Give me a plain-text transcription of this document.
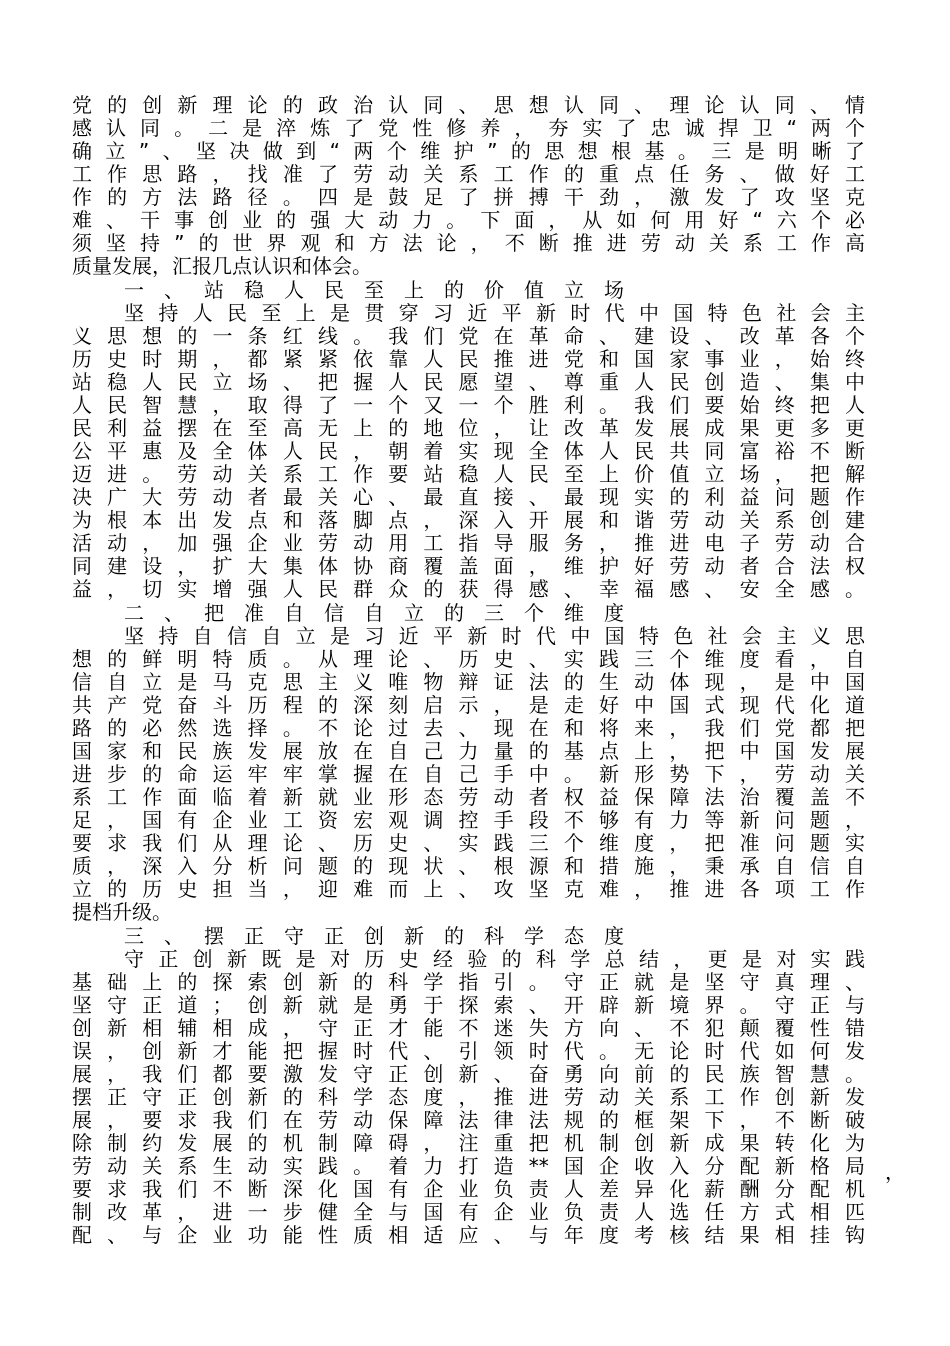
党的创新理论的政治认同、思想认同、理论认同、情
感认同。二是淬炼了党性修养，夯实了忠诚捍卫“两个
确立”、坚决做到“两个维护”的思想根基。三是明晰了
工作思路，找准了劳动关系工作的重点任务、做好工
作的方法路径。四是鼓足了拼搏干劲，激发了攻坚克
难、干事创业的强大动力。下面，从如何用好“六个必
须坚持”的世界观和方法论，不断推进劳动关系工作高
质量发展，汇报几点认识和体会。
一、站稳人民至上的价值立场
坚持人民至上是贯穿习近平新时代中国特色社会主
义思想的一条红线。我们党在革命、建设、改革各个
历史时期，都紧紧依靠人民推进党和国家事业，始终
站稳人民立场、把握人民愿望、尊重人民创造、集中
人民智慧，取得了一个又一个胜利。我们要始终把人
民利益摆在至高无上的地位，让改革发展成果更多更
公平惠及全体人民，朝着实现全体人民共同富裕不断
迈进。劳动关系工作要站稳人民至上价值立场，把解
决广大劳动者最关心、最直接、最现实的利益问题作
为根本出发点和落脚点，深入开展和谐劳动关系创建
活动，加强企业劳动用工指导服务，推进电子劳动合
同建设，扩大集体协商覆盖面，维护好劳动者合法权
益，切实增强人民群众的获得感、幸福感、安全感。
二、把准自信自立的三个维度
坚持自信自立是习近平新时代中国特色社会主义思
想的鲜明特质。从理论、历史、实践三个维度看，自
信自立是马克思主义唯物辩证法的生动体现，是中国
共产党奋斗历程的深刻启示，是走好中国式现代化道
路的必然选择。不论过去、现在和将来，我们党都把
国家和民族发展放在自己力量的基点上，把中国发展
进步的命运牢牢掌握在自己手中。新形势下，劳动关
系工作面临着新就业形态劳动者权益保障法治覆盖不
足，国有企业工资宏观调控手段不够有力等新问题，
要求我们从理论、历史、实践三个维度，把准问题实
质，深入分析问题的现状、根源和措施，秉承自信自
立的历史担当，迎难而上、攻坚克难，推进各项工作
提档升级。
三、摆正守正创新的科学态度
守正创新既是对历史经验的科学总结，更是对实践
基础上的探索创新的科学指引。守正就是坚守真理、
坚守正道；创新就是勇于探索、开辟新境界。守正与
创新相辅相成，守正才能不迷失方向、不犯颠覆性错
误，创新才能把握时代、引领时代。无论时代如何发
展，我们都要激发守正创新、奋勇向前的民族智慧。
摆正守正创新的科学态度，推进劳动关系工作创新发
展，要求我们在劳动保障法律法规的框架下，不断破
除制约发展的机制障碍，注重把机制创新成果转化为
劳动关系生动实践。着力打造**国企收入分配新格局 ，
要求我们不断深化国有企业负责人差异化薪酬分配机
制改革，进一步健全与国有企业负责人选任方式相匹
配、与企业功能性质相适应、与年度考核结果相挂钩
